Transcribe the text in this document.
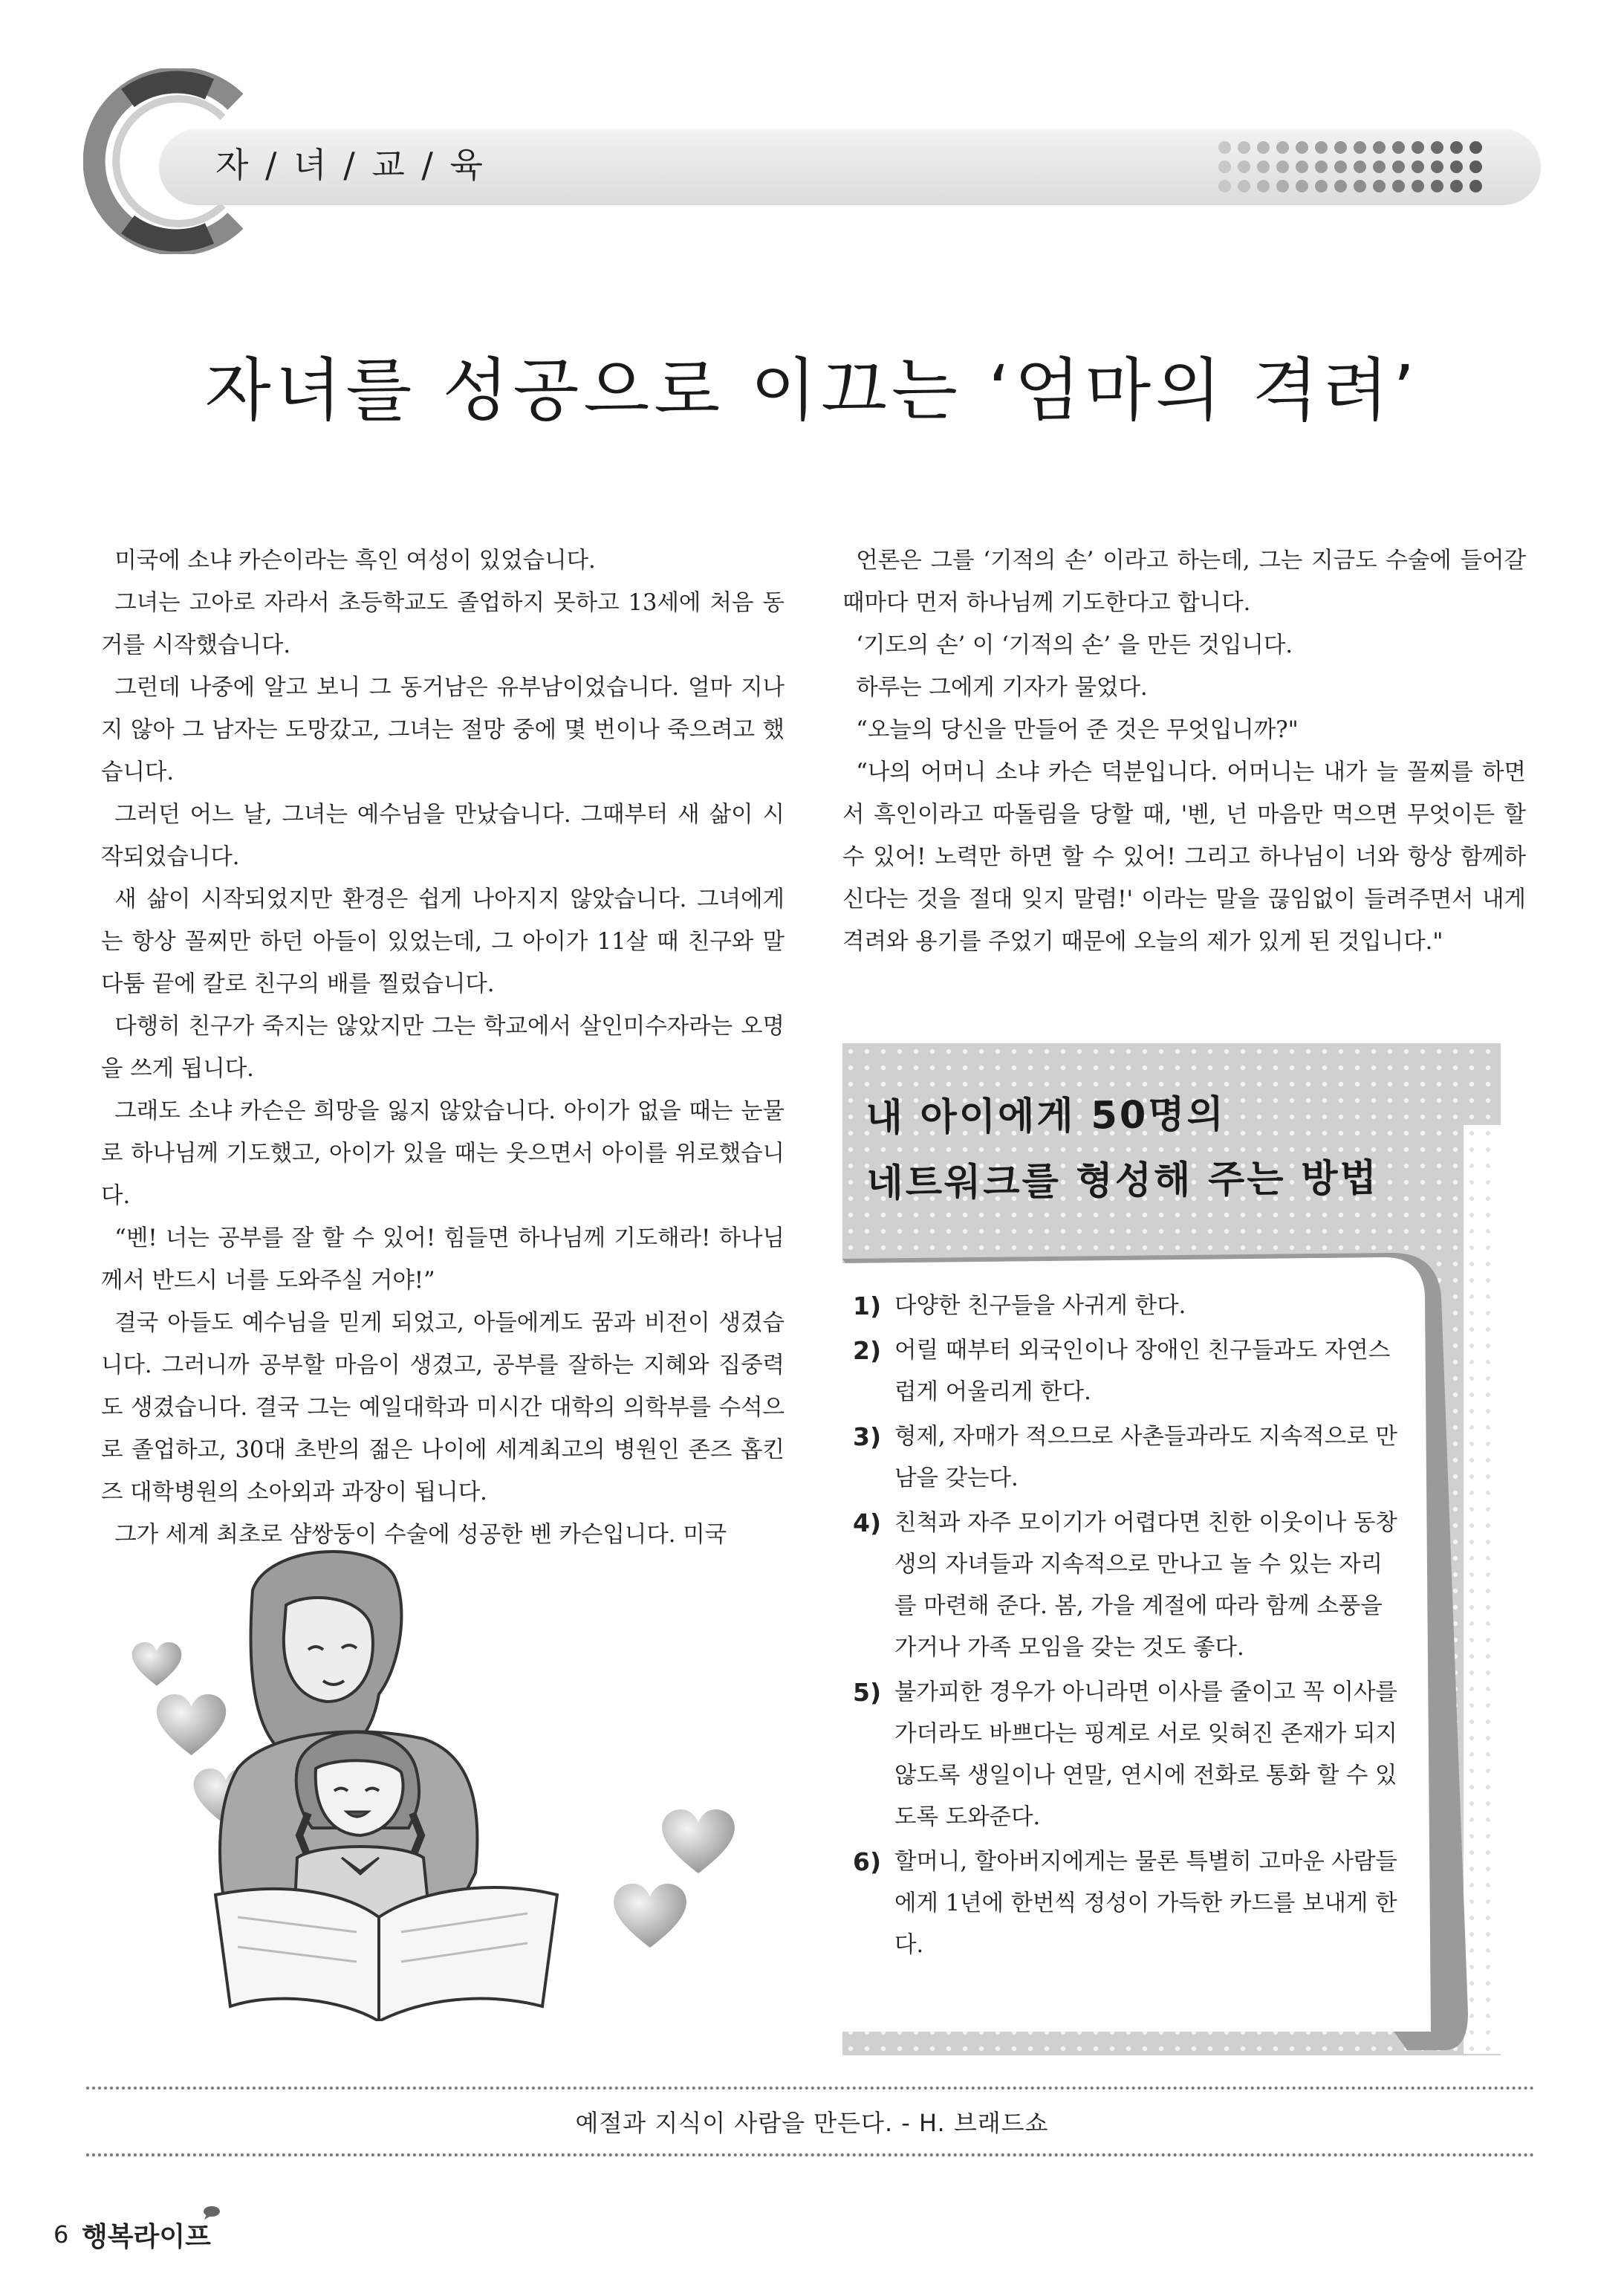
자 / 녀 / 교 / 육
자녀를 성공으로 이끄는 ‘엄마의 격려’

미국에 소냐 카슨이라는 흑인 여성이 있었습니다.

그녀는 고아로 자라서 초등학교도 졸업하지 못하고 13세에 처음 동거를 시작했습니다.

그런데 나중에 알고 보니 그 동거남은 유부남이었습니다. 얼마 지나지 않아 그 남자는 도망갔고, 그녀는 절망 중에 몇 번이나 죽으려고 했습니다.

그러던 어느 날, 그녀는 예수님을 만났습니다. 그때부터 새 삶이 시작되었습니다.

새 삶이 시작되었지만 환경은 쉽게 나아지지 않았습니다. 그녀에게는 항상 꼴찌만 하던 아들이 있었는데, 그 아이가 11살 때 친구와 말다툼 끝에 칼로 친구의 배를 찔렀습니다.

다행히 친구가 죽지는 않았지만 그는 학교에서 살인미수자라는 오명을 쓰게 됩니다.

그래도 소냐 카슨은 희망을 잃지 않았습니다. 아이가 없을 때는 눈물로 하나님께 기도했고, 아이가 있을 때는 웃으면서 아이를 위로했습니다.

“벤! 너는 공부를 잘 할 수 있어! 힘들면 하나님께 기도해라! 하나님께서 반드시 너를 도와주실 거야!”

결국 아들도 예수님을 믿게 되었고, 아들에게도 꿈과 비전이 생겼습니다. 그러니까 공부할 마음이 생겼고, 공부를 잘하는 지혜와 집중력도 생겼습니다. 결국 그는 예일대학과 미시간 대학의 의학부를 수석으로 졸업하고, 30대 초반의 젊은 나이에 세계최고의 병원인 존즈 홉킨즈 대학병원의 소아외과 과장이 됩니다.

그가 세계 최초로 샴쌍둥이 수술에 성공한 벤 카슨입니다. 미국

언론은 그를 ‘기적의 손’ 이라고 하는데, 그는 지금도 수술에 들어갈 때마다 먼저 하나님께 기도한다고 합니다.

‘기도의 손’ 이 ‘기적의 손’ 을 만든 것입니다.

하루는 그에게 기자가 물었다.

“오늘의 당신을 만들어 준 것은 무엇입니까?"

“나의 어머니 소냐 카슨 덕분입니다. 어머니는 내가 늘 꼴찌를 하면서 흑인이라고 따돌림을 당할 때, '벤, 넌 마음만 먹으면 무엇이든 할 수 있어! 노력만 하면 할 수 있어! 그리고 하나님이 너와 항상 함께하신다는 것을 절대 잊지 말렴!' 이라는 말을 끊임없이 들려주면서 내게 격려와 용기를 주었기 때문에 오늘의 제가 있게 된 것입니다."

내 아이에게 50명의
네트워크를 형성해 주는 방법
1) 다양한 친구들을 사귀게 한다.
2) 어릴 때부터 외국인이나 장애인 친구들과도 자연스럽게 어울리게 한다.
3) 형제, 자매가 적으므로 사촌들과라도 지속적으로 만남을 갖는다.
4) 친척과 자주 모이기가 어렵다면 친한 이웃이나 동창생의 자녀들과 지속적으로 만나고 놀 수 있는 자리를 마련해 준다. 봄, 가을 계절에 따라 함께 소풍을 가거나 가족 모임을 갖는 것도 좋다.
5) 불가피한 경우가 아니라면 이사를 줄이고 꼭 이사를 가더라도 바쁘다는 핑계로 서로 잊혀진 존재가 되지 않도록 생일이나 연말, 연시에 전화로 통화 할 수 있도록 도와준다.
6) 할머니, 할아버지에게는 물론 특별히 고마운 사람들에게 1년에 한번씩 정성이 가득한 카드를 보내게 한다.
예절과 지식이 사람을 만든다. - H. 브래드쇼
6 행복라이프
